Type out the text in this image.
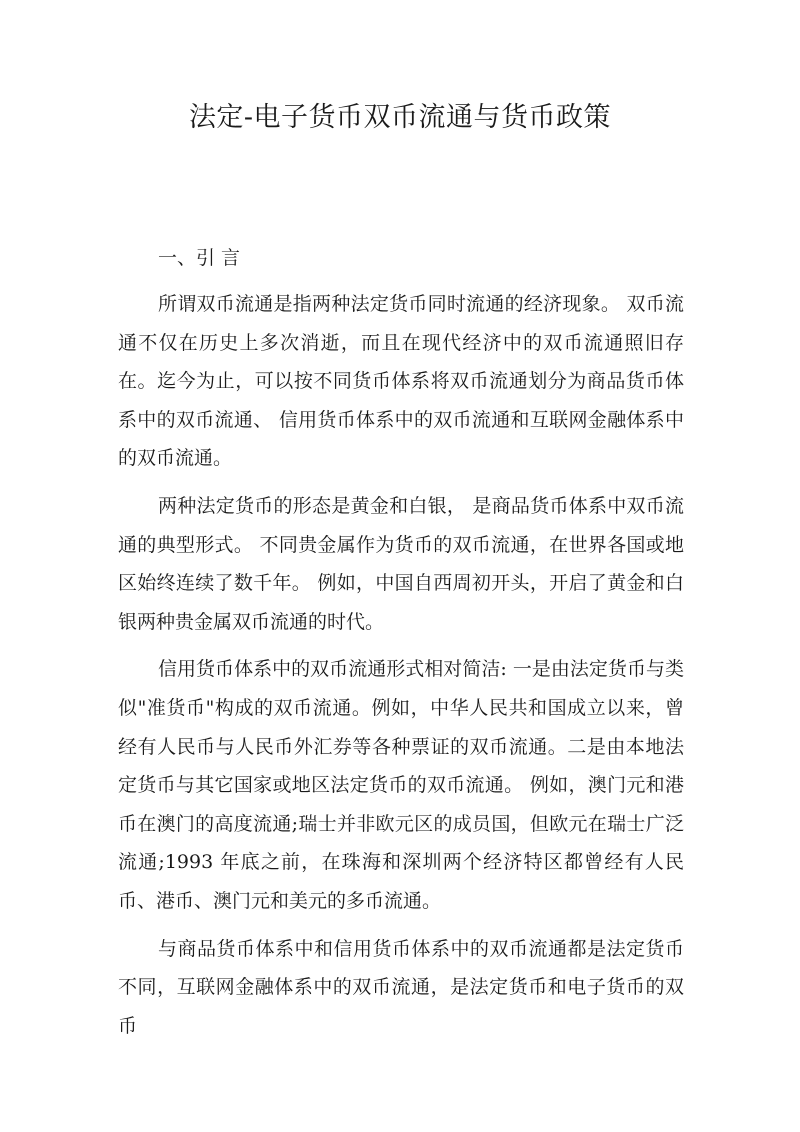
法定-电子货币双币流通与货币政策

一、引 言

所谓双币流通是指两种法定货币同时流通的经济现象。 双币流通不仅在历史上多次消逝，而且在现代经济中的双币流通照旧存在。迄今为止，可以按不同货币体系将双币流通划分为商品货币体系中的双币流通、 信用货币体系中的双币流通和互联网金融体系中的双币流通。

两种法定货币的形态是黄金和白银， 是商品货币体系中双币流通的典型形式。 不同贵金属作为货币的双币流通，在世界各国或地区始终连续了数千年。 例如，中国自西周初开头，开启了黄金和白银两种贵金属双币流通的时代。

信用货币体系中的双币流通形式相对简洁: 一是由法定货币与类似"准货币"构成的双币流通。例如，中华人民共和国成立以来，曾经有人民币与人民币外汇券等各种票证的双币流通。二是由本地法定货币与其它国家或地区法定货币的双币流通。 例如，澳门元和港币在澳门的高度流通;瑞士并非欧元区的成员国，但欧元在瑞士广泛流通;1993 年底之前，在珠海和深圳两个经济特区都曾经有人民币、港币、澳门元和美元的多币流通。

与商品货币体系中和信用货币体系中的双币流通都是法定货币不同，互联网金融体系中的双币流通，是法定货币和电子货币的双币
